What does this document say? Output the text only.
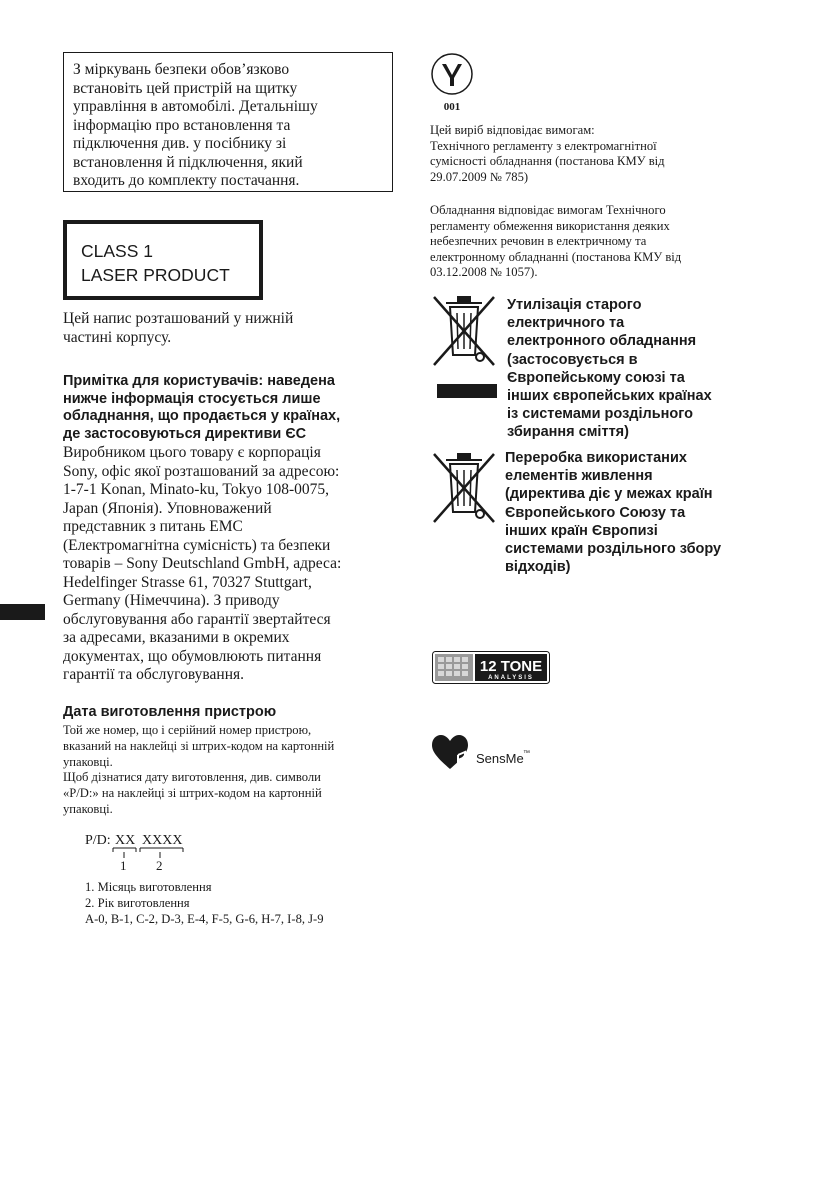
З міркувань безпеки обов’язково
встановіть цей пристрій на щитку
управління в автомобілі. Детальнішу
інформацію про встановлення та
підключення див. у посібнику зі
встановлення й підключення, який
входить до комплекту постачання.
CLASS 1
LASER PRODUCT
Цей напис розташований у нижній
частині корпусу.
Примітка для користувачів: наведена
нижче інформація стосується лише
обладнання, що продається у країнах,
де застосовуються директиви ЄС
Виробником цього товару є корпорація
Sony, офіс якої розташований за адресою:
1-7-1 Konan, Minato-ku, Tokyo 108-0075,
Japan (Японія). Уповноважений
представник з питань EMC
(Електромагнітна сумісність) та безпеки
товарів – Sony Deutschland GmbH, адреса:
Hedelfinger Strasse 61, 70327 Stuttgart,
Germany (Німеччина). З приводу
обслуговування або гарантії звертайтеся
за адресами, вказаними в окремих
документах, що обумовлюють питання
гарантії та обслуговування.
Дата виготовлення пристрою
Той же номер, що і серійний номер пристрою,
вказаний на наклейці зі штрих-кодом на картонній
упаковці.
Щоб дізнатися дату виготовлення, див. символи
«P/D:» на наклейці зі штрих-кодом на картонній
упаковці.
P/D: XX XXXX
1 2
1. Місяць виготовлення
2. Рік виготовлення
A-0, B-1, C-2, D-3, E-4, F-5, G-6, H-7, I-8, J-9
001
Цей виріб відповідає вимогам:
Технічного регламенту з електромагнітної
сумісності обладнання (постанова КМУ від
29.07.2009 № 785)
Обладнання відповідає вимогам Технічного
регламенту обмеження використання деяких
небезпечних речовин в електричному та
електронному обладнанні (постанова КМУ від
03.12.2008 № 1057).
Утилізація старого
електричного та
електронного обладнання
(застосовується в
Європейському союзі та
інших європейських країнах
із системами роздільного
збирання сміття)
Переробка використаних
елементів живлення
(директива діє у межах країн
Європейського Союзу та
інших країн Європизі
системами роздільного збору
відходів)
12 TONE
ANALYSIS
SensMe ™
